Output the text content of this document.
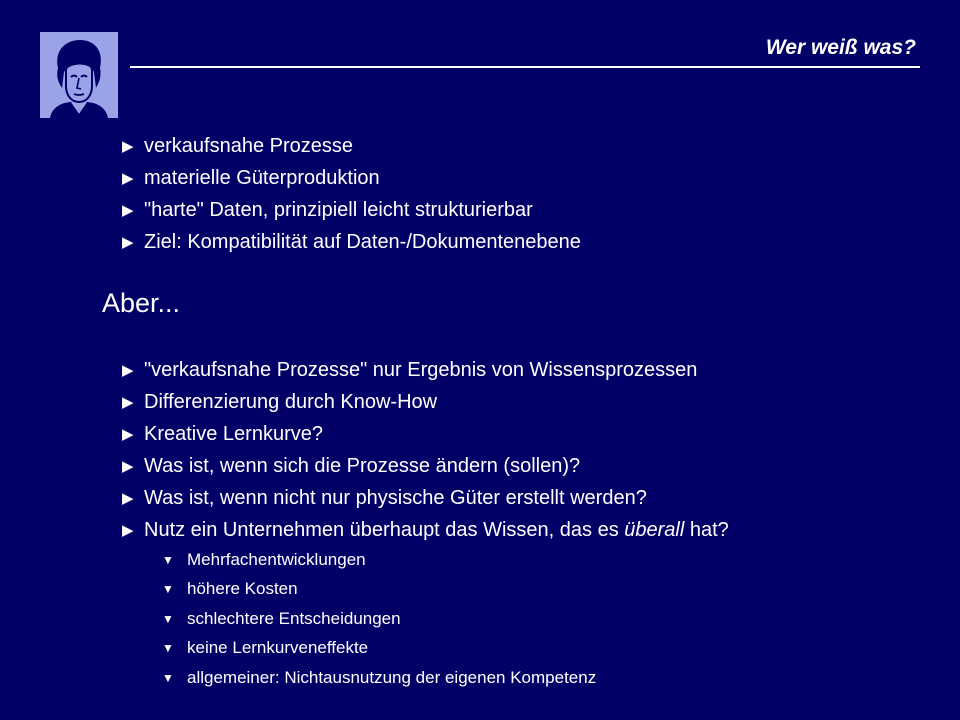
Wer weiß was?
▶ verkaufsnahe Prozesse
▶ materielle Güterproduktion
▶ "harte" Daten, prinzipiell leicht strukturierbar
▶ Ziel: Kompatibilität auf Daten-/Dokumentenebene
Aber...
▶ "verkaufsnahe Prozesse" nur Ergebnis von Wissensprozessen
▶ Differenzierung durch Know-How
▶ Kreative Lernkurve?
▶ Was ist, wenn sich die Prozesse ändern (sollen)?
▶ Was ist, wenn nicht nur physische Güter erstellt werden?
▶ Nutz ein Unternehmen überhaupt das Wissen, das es überall hat?
▼ Mehrfachentwicklungen
▼ höhere Kosten
▼ schlechtere Entscheidungen
▼ keine Lernkurveneffekte
▼ allgemeiner: Nichtausnutzung der eigenen Kompetenz
